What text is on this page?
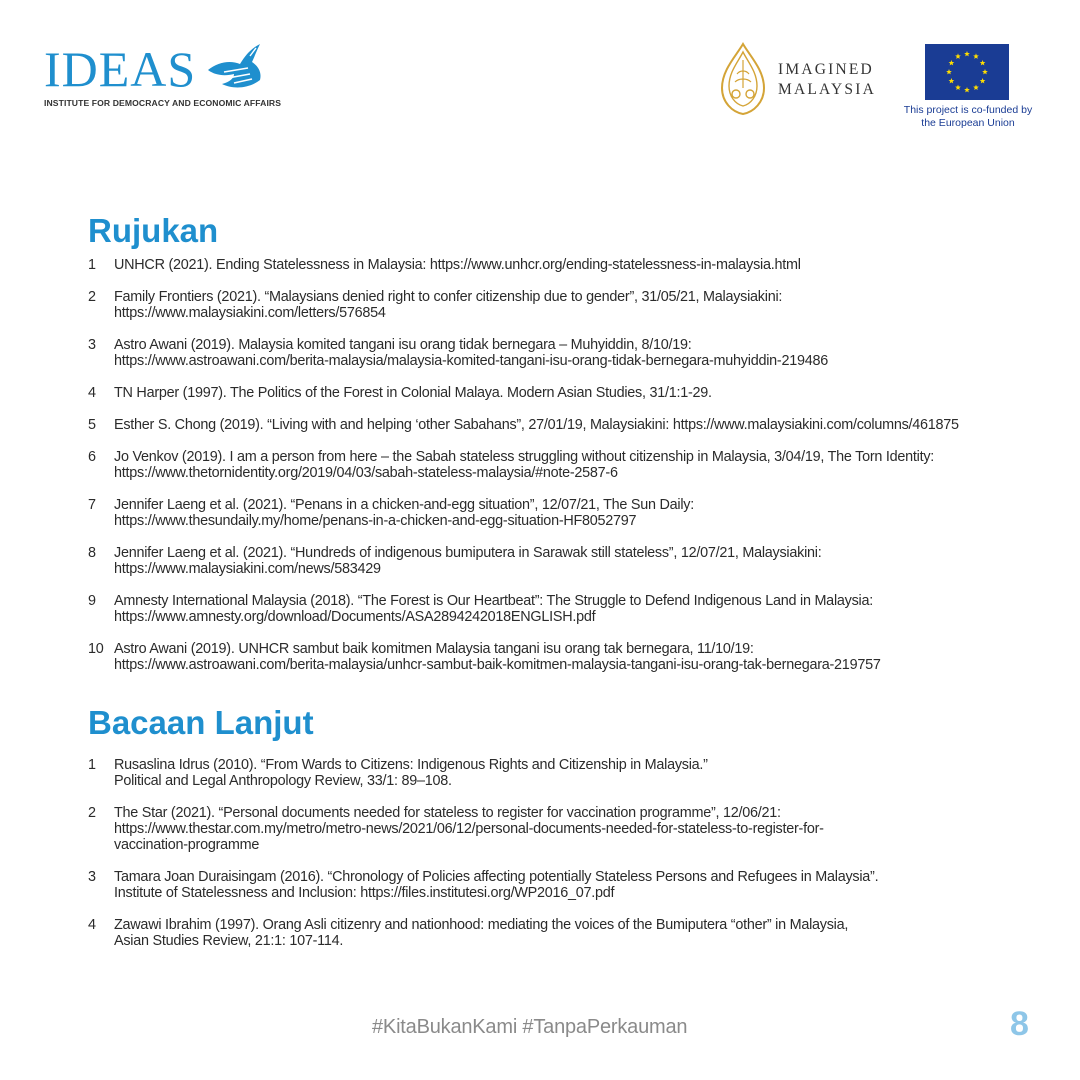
IDEAS
INSTITUTE FOR DEMOCRACY AND ECONOMIC AFFAIRS
IMAGINED
MALAYSIA
This project is co-funded by
the European Union
Rujukan
1 UNHCR (2021). Ending Statelessness in Malaysia: https://www.unhcr.org/ending-statelessness-in-malaysia.html
2 Family Frontiers (2021). “Malaysians denied right to confer citizenship due to gender”, 31/05/21, Malaysiakini:
https://www.malaysiakini.com/letters/576854
3 Astro Awani (2019). Malaysia komited tangani isu orang tidak bernegara – Muhyiddin, 8/10/19:
https://www.astroawani.com/berita-malaysia/malaysia-komited-tangani-isu-orang-tidak-bernegara-muhyiddin-219486
4 TN Harper (1997). The Politics of the Forest in Colonial Malaya. Modern Asian Studies, 31/1:1-29.
5 Esther S. Chong (2019). “Living with and helping ‘other Sabahans”, 27/01/19, Malaysiakini: https://www.malaysiakini.com/columns/461875
6 Jo Venkov (2019). I am a person from here – the Sabah stateless struggling without citizenship in Malaysia, 3/04/19, The Torn Identity:
https://www.thetornidentity.org/2019/04/03/sabah-stateless-malaysia/#note-2587-6
7 Jennifer Laeng et al. (2021). “Penans in a chicken-and-egg situation”, 12/07/21, The Sun Daily:
https://www.thesundaily.my/home/penans-in-a-chicken-and-egg-situation-HF8052797
8 Jennifer Laeng et al. (2021). “Hundreds of indigenous bumiputera in Sarawak still stateless”, 12/07/21, Malaysiakini:
https://www.malaysiakini.com/news/583429
9 Amnesty International Malaysia (2018). “The Forest is Our Heartbeat”: The Struggle to Defend Indigenous Land in Malaysia:
https://www.amnesty.org/download/Documents/ASA2894242018ENGLISH.pdf
10 Astro Awani (2019). UNHCR sambut baik komitmen Malaysia tangani isu orang tak bernegara, 11/10/19:
https://www.astroawani.com/berita-malaysia/unhcr-sambut-baik-komitmen-malaysia-tangani-isu-orang-tak-bernegara-219757
Bacaan Lanjut
1 Rusaslina Idrus (2010). “From Wards to Citizens: Indigenous Rights and Citizenship in Malaysia.”
Political and Legal Anthropology Review, 33/1: 89–108.
2 The Star (2021). “Personal documents needed for stateless to register for vaccination programme”, 12/06/21:
https://www.thestar.com.my/metro/metro-news/2021/06/12/personal-documents-needed-for-stateless-to-register-for-
vaccination-programme
3 Tamara Joan Duraisingam (2016). “Chronology of Policies affecting potentially Stateless Persons and Refugees in Malaysia”.
Institute of Statelessness and Inclusion: https://files.institutesi.org/WP2016_07.pdf
4 Zawawi Ibrahim (1997). Orang Asli citizenry and nationhood: mediating the voices of the Bumiputera “other” in Malaysia,
Asian Studies Review, 21:1: 107-114.
#KitaBukanKami #TanpaPerkauman	8
